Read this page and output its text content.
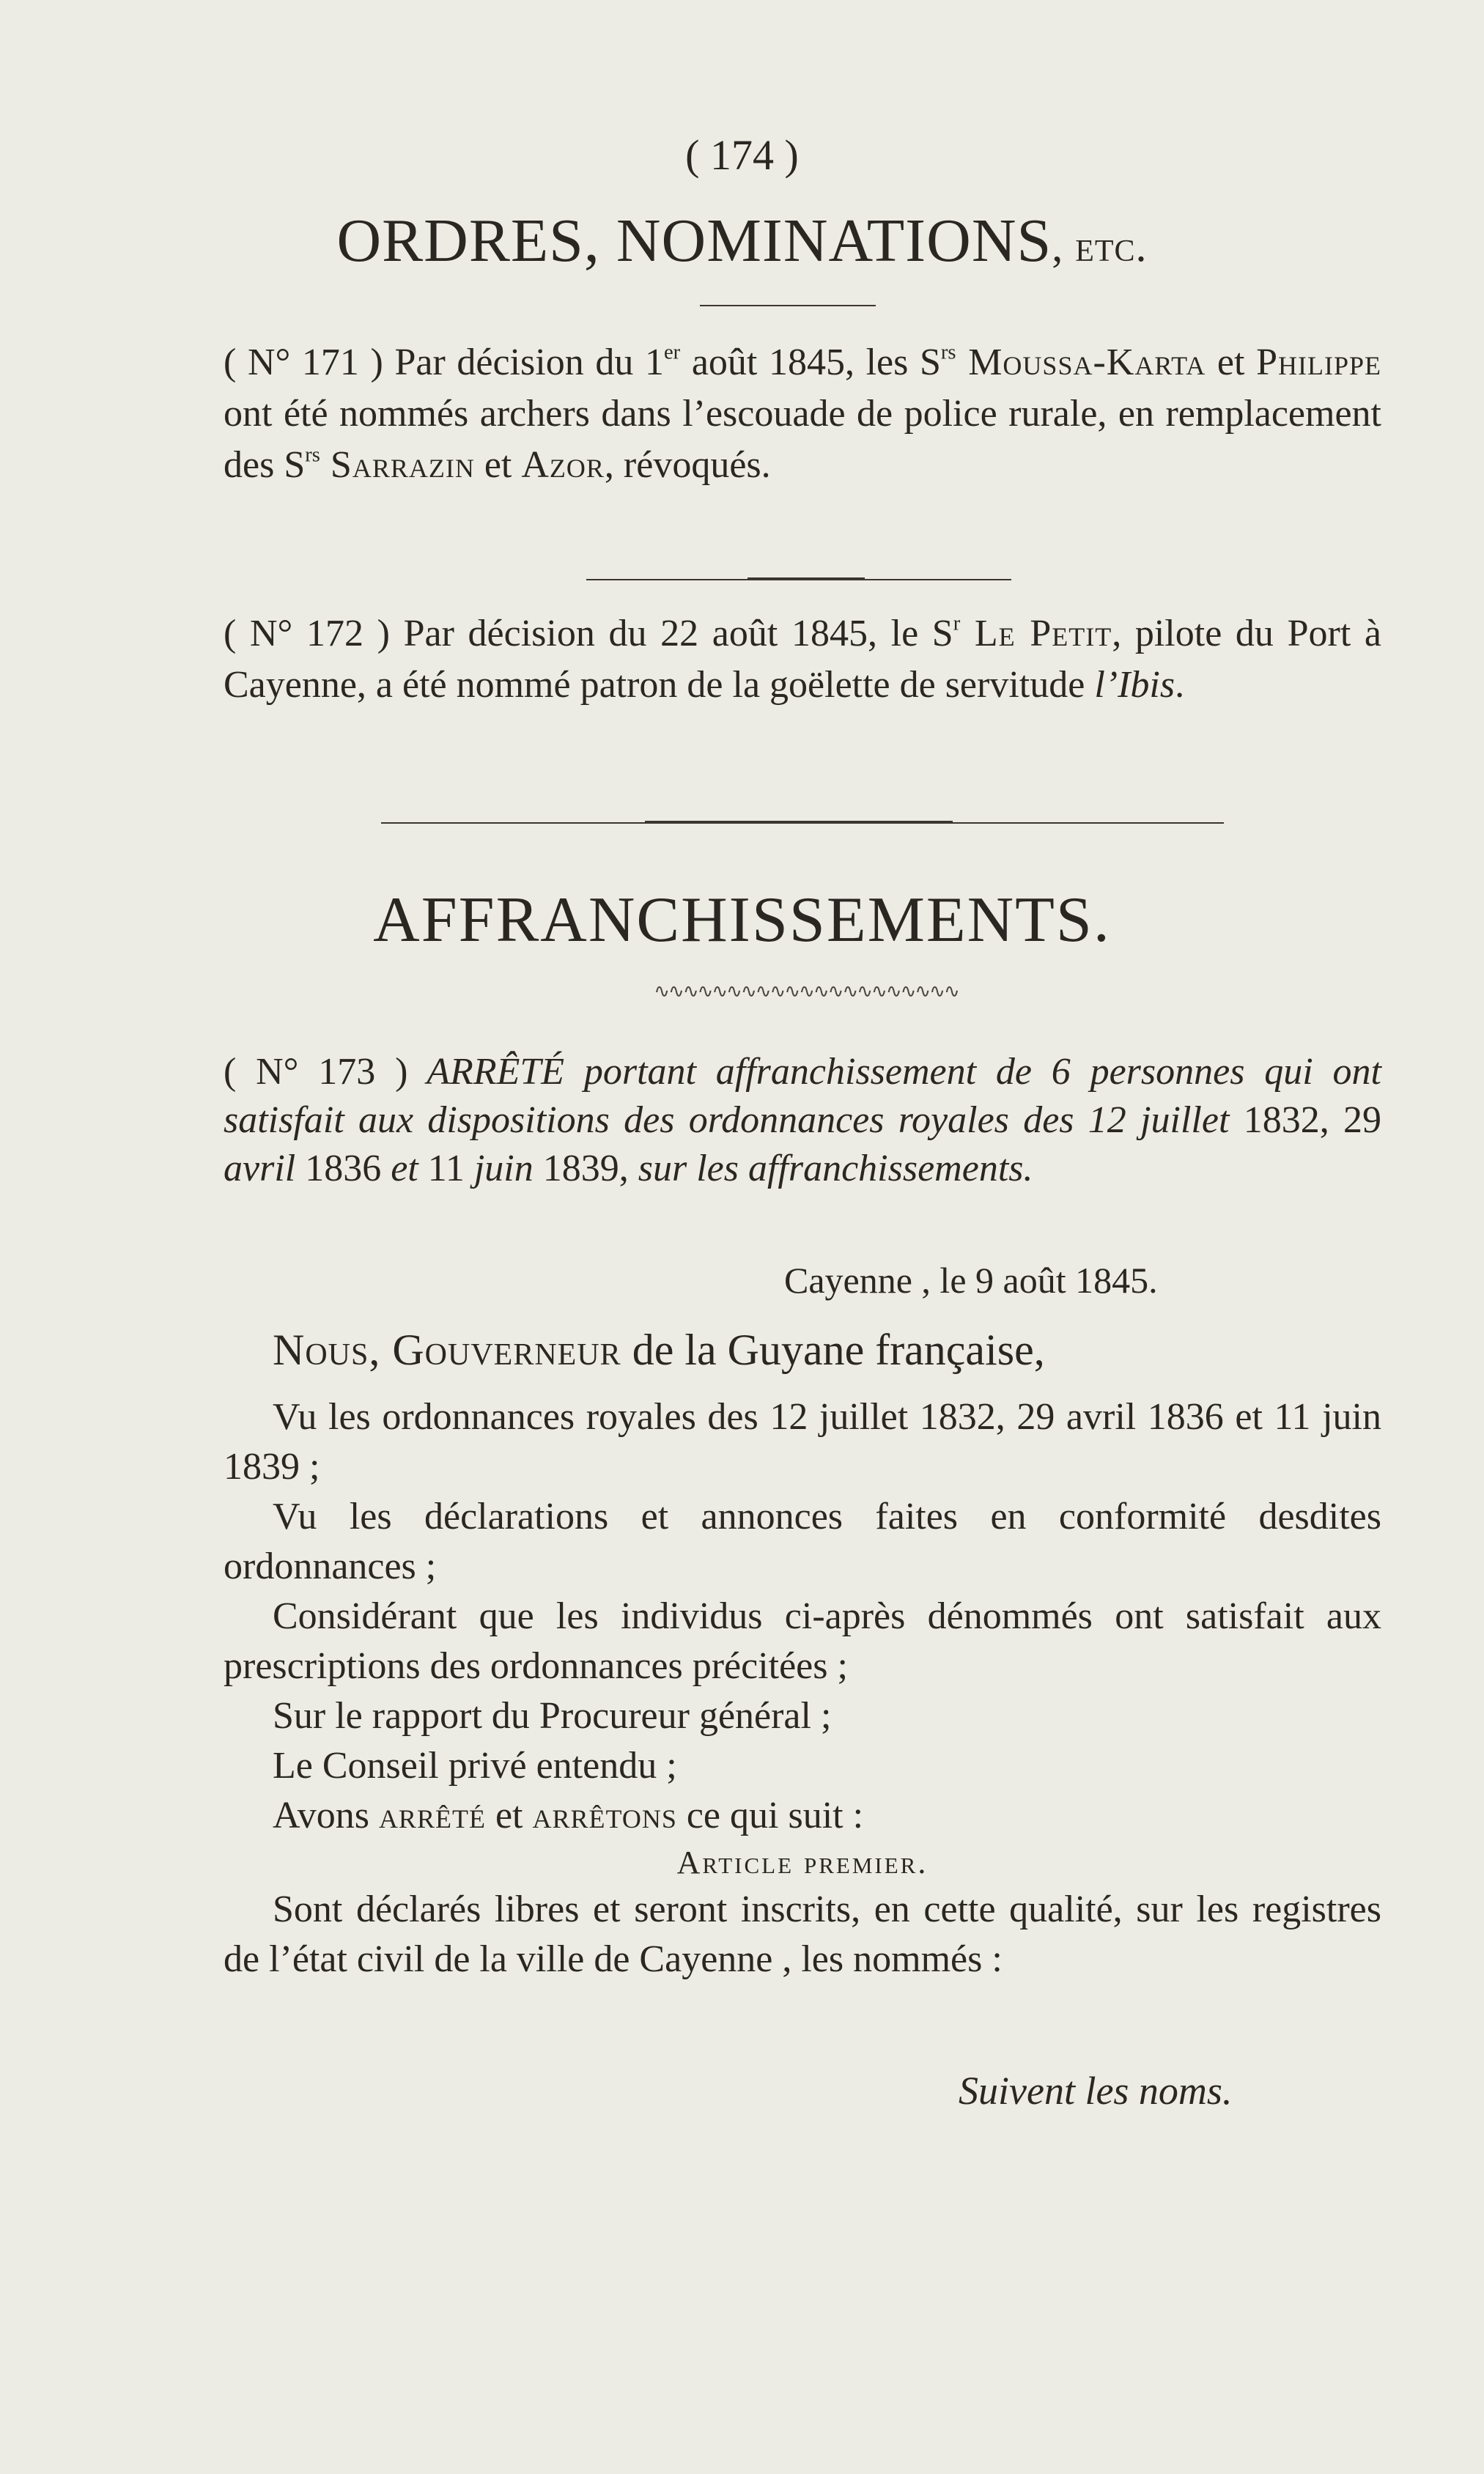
( 174 )
ORDRES, NOMINATIONS, etc.
( N° 171 ) Par décision du 1er août 1845, les $S^{rs}$ Moussa-Karta et Philippe ont été nommés archers dans l’escouade de police rurale, en remplacement des $S^{rs}$ Sarrazin et Azor, révoqués.
( N° 172 ) Par décision du 22 août 1845, le $S^r$ Le Petit, pilote du Port à Cayenne, a été nommé patron de la goëlette de servitude l’Ibis.
AFFRANCHISSEMENTS.
∿∿∿∿∿∿∿∿∿∿∿∿∿∿∿∿∿∿∿∿∿
( N° 173 ) ARRÊTÉ portant affranchissement de 6 personnes qui ont satisfait aux dispositions des ordonnances royales des 12 juillet 1832, 29 avril 1836 et 11 juin 1839, sur les affranchissements.
Cayenne , le 9 août 1845.
Nous, Gouverneur de la Guyane française,

Vu les ordonnances royales des 12 juillet 1832, 29 avril 1836 et 11 juin 1839 ;

Vu les déclarations et annonces faites en conformité desdites ordonnances ;

Considérant que les individus ci-après dénommés ont satisfait aux prescriptions des ordonnances précitées ;

Sur le rapport du Procureur général ;

Le Conseil privé entendu ;

Avons arrêté et arrêtons ce qui suit :

Article premier.

Sont déclarés libres et seront inscrits, en cette qualité, sur les registres de l’état civil de la ville de Cayenne , les nommés :

Suivent les noms.
